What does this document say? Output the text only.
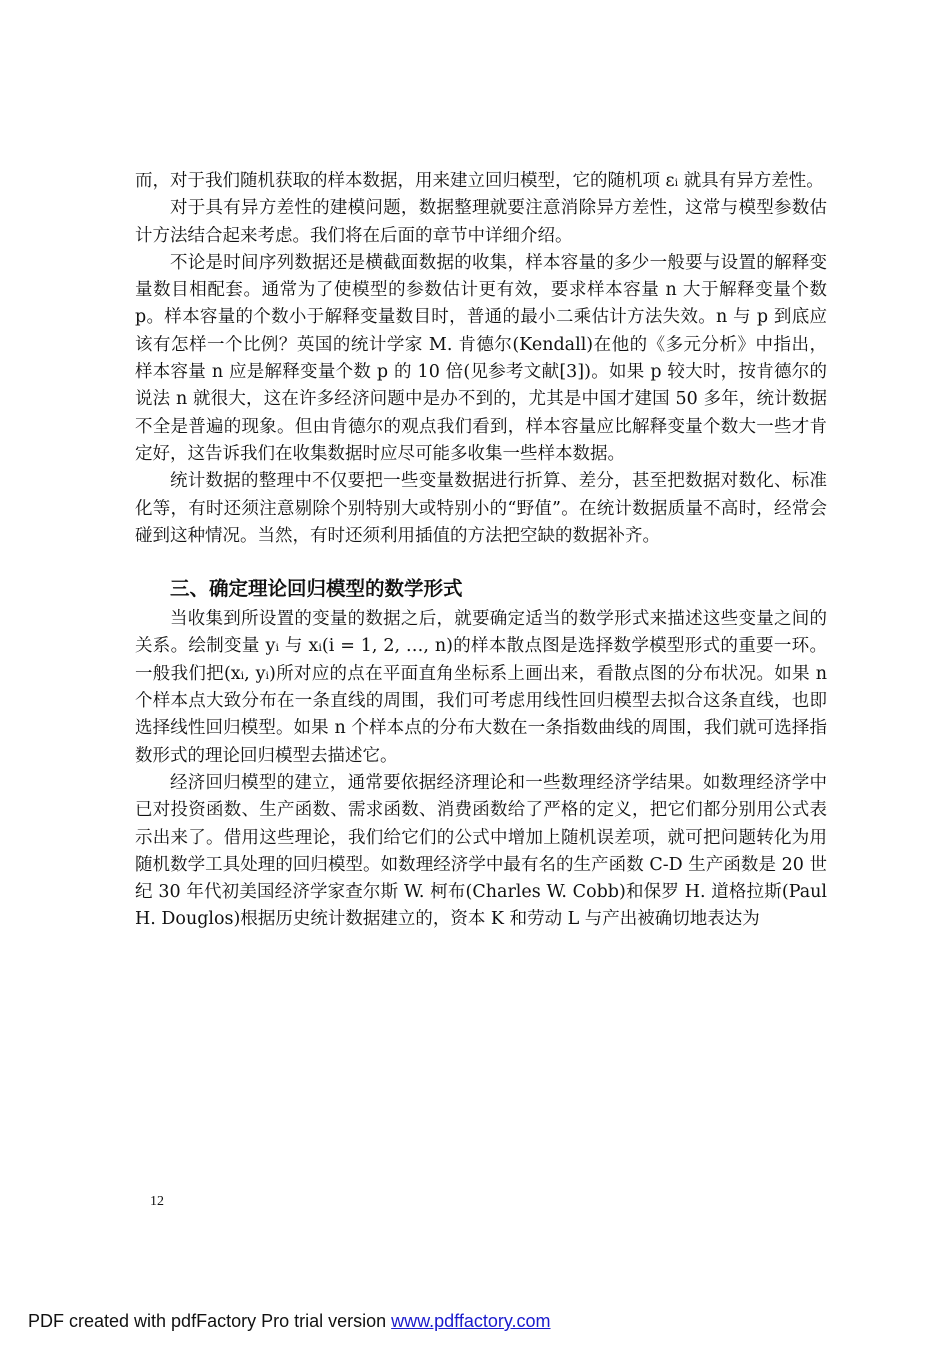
而，对于我们随机获取的样本数据，用来建立回归模型，它的随机项 εᵢ 就具有异方差性。

对于具有异方差性的建模问题，数据整理就要注意消除异方差性，这常与模型参数估计方法结合起来考虑。我们将在后面的章节中详细介绍。

不论是时间序列数据还是横截面数据的收集，样本容量的多少一般要与设置的解释变量数目相配套。通常为了使模型的参数估计更有效，要求样本容量 n 大于解释变量个数 p。样本容量的个数小于解释变量数目时，普通的最小二乘估计方法失效。n 与 p 到底应该有怎样一个比例？英国的统计学家 M. 肯德尔(Kendall)在他的《多元分析》中指出，样本容量 n 应是解释变量个数 p 的 10 倍(见参考文献[3])。如果 p 较大时，按肯德尔的说法 n 就很大，这在许多经济问题中是办不到的，尤其是中国才建国 50 多年，统计数据不全是普遍的现象。但由肯德尔的观点我们看到，样本容量应比解释变量个数大一些才肯定好，这告诉我们在收集数据时应尽可能多收集一些样本数据。

统计数据的整理中不仅要把一些变量数据进行折算、差分，甚至把数据对数化、标准化等，有时还须注意剔除个别特别大或特别小的“野值”。在统计数据质量不高时，经常会碰到这种情况。当然，有时还须利用插值的方法把空缺的数据补齐。

三、确定理论回归模型的数学形式

当收集到所设置的变量的数据之后，就要确定适当的数学形式来描述这些变量之间的关系。绘制变量 yᵢ 与 xᵢ(i = 1, 2, …, n)的样本散点图是选择数学模型形式的重要一环。一般我们把(xᵢ, yᵢ)所对应的点在平面直角坐标系上画出来，看散点图的分布状况。如果 n 个样本点大致分布在一条直线的周围，我们可考虑用线性回归模型去拟合这条直线，也即选择线性回归模型。如果 n 个样本点的分布大数在一条指数曲线的周围，我们就可选择指数形式的理论回归模型去描述它。

经济回归模型的建立，通常要依据经济理论和一些数理经济学结果。如数理经济学中已对投资函数、生产函数、需求函数、消费函数给了严格的定义，把它们都分别用公式表示出来了。借用这些理论，我们给它们的公式中增加上随机误差项，就可把问题转化为用随机数学工具处理的回归模型。如数理经济学中最有名的生产函数 C-D 生产函数是 20 世纪 30 年代初美国经济学家查尔斯 W. 柯布(Charles W. Cobb)和保罗 H. 道格拉斯(Paul H. Douglos)根据历史统计数据建立的，资本 K 和劳动 L 与产出被确切地表达为

12
PDF created with pdfFactory Pro trial version www.pdffactory.com
